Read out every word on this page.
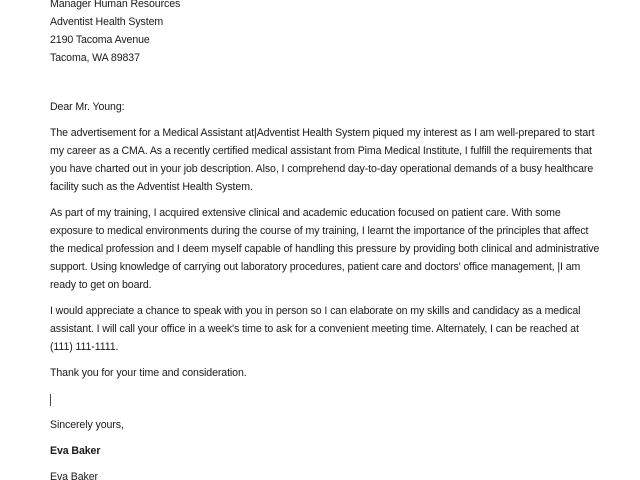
Manager Human Resources
Adventist Health System
2190 Tacoma Avenue
Tacoma, WA 89837
Dear Mr. Young:
The advertisement for a Medical Assistant at|Adventist Health System piqued my interest as I am well-prepared to start
my career as a CMA. As a recently certified medical assistant from Pima Medical Institute, I fulfill the requirements that
you have charted out in your job description. Also, I comprehend day-to-day operational demands of a busy healthcare
facility such as the Adventist Health System.
As part of my training, I acquired extensive clinical and academic education focused on patient care. With some
exposure to medical environments during the course of my training, I learnt the importance of the principles that affect
the medical profession and I deem myself capable of handling this pressure by providing both clinical and administrative
support. Using knowledge of carrying out laboratory procedures, patient care and doctors' office management, |I am
ready to get on board.
I would appreciate a chance to speak with you in person so I can elaborate on my skills and candidacy as a medical
assistant. I will call your office in a week's time to ask for a convenient meeting time. Alternately, I can be reached at
(111) 111-1111.
Thank you for your time and consideration.
Sincerely yours,
Eva Baker
Eva Baker
